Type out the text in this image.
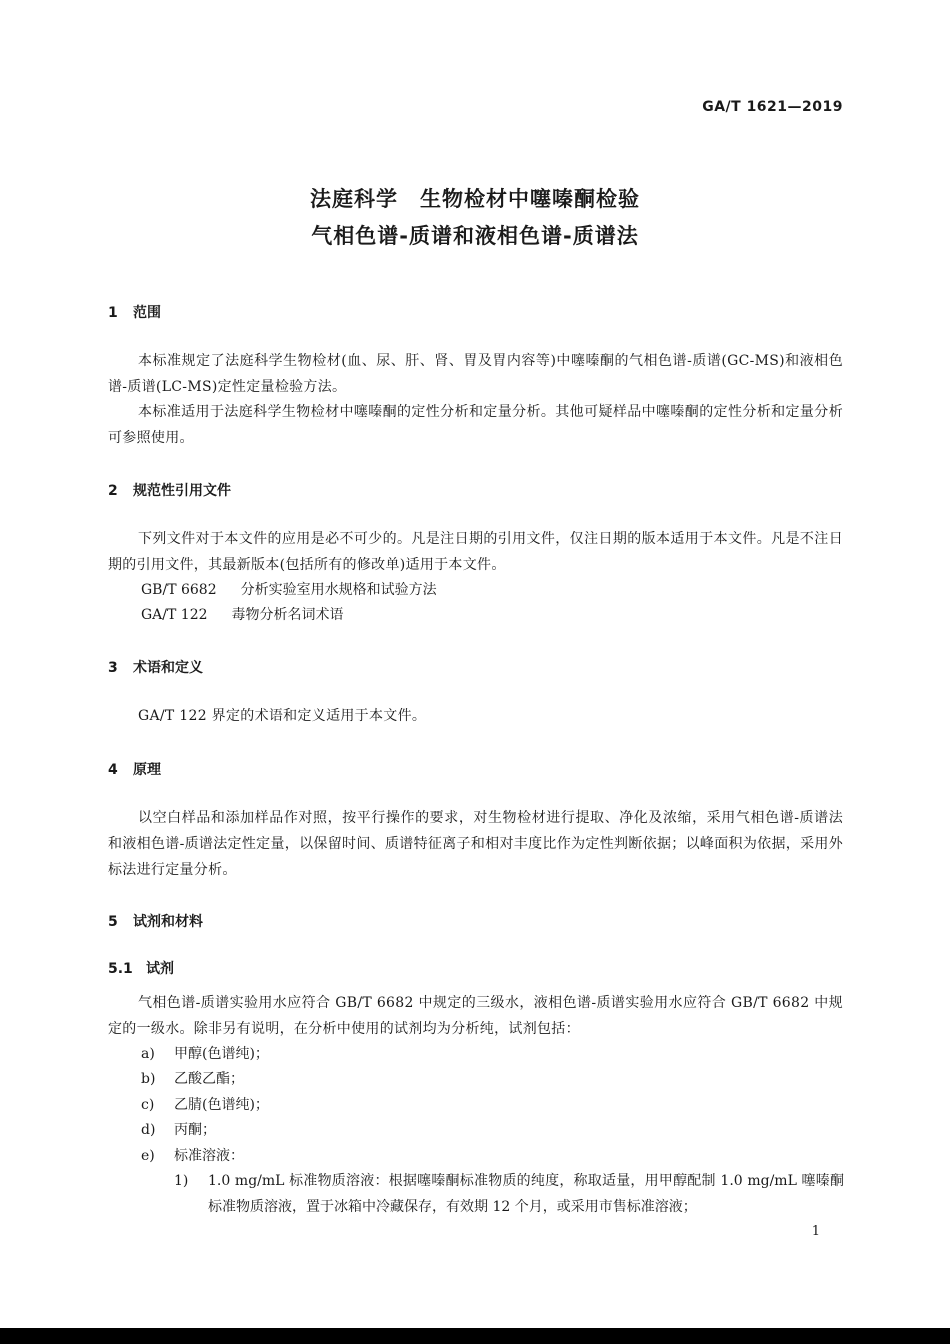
GA/T 1621—2019
法庭科学　生物检材中噻嗪酮检验
气相色谱-质谱和液相色谱-质谱法
1 范围
本标准规定了法庭科学生物检材(血、尿、肝、肾、胃及胃内容等)中噻嗪酮的气相色谱-质谱(GC-MS)和液相色谱-质谱(LC-MS)定性定量检验方法。
本标准适用于法庭科学生物检材中噻嗪酮的定性分析和定量分析。其他可疑样品中噻嗪酮的定性分析和定量分析可参照使用。
2 规范性引用文件
下列文件对于本文件的应用是必不可少的。凡是注日期的引用文件，仅注日期的版本适用于本文件。凡是不注日期的引用文件，其最新版本(包括所有的修改单)适用于本文件。
GB/T 6682 分析实验室用水规格和试验方法
GA/T 122 毒物分析名词术语
3 术语和定义
GA/T 122 界定的术语和定义适用于本文件。
4 原理
以空白样品和添加样品作对照，按平行操作的要求，对生物检材进行提取、净化及浓缩，采用气相色谱-质谱法和液相色谱-质谱法定性定量，以保留时间、质谱特征离子和相对丰度比作为定性判断依据；以峰面积为依据，采用外标法进行定量分析。
5 试剂和材料
5.1 试剂
气相色谱-质谱实验用水应符合 GB/T 6682 中规定的三级水，液相色谱-质谱实验用水应符合 GB/T 6682 中规定的一级水。除非另有说明，在分析中使用的试剂均为分析纯，试剂包括：
a) 甲醇(色谱纯)；
b) 乙酸乙酯；
c) 乙腈(色谱纯)；
d) 丙酮；
e) 标准溶液：
1)	1.0 mg/mL 标准物质溶液：根据噻嗪酮标准物质的纯度，称取适量，用甲醇配制 1.0 mg/mL 噻嗪酮标准物质溶液，置于冰箱中冷藏保存，有效期 12 个月，或采用市售标准溶液；
1
